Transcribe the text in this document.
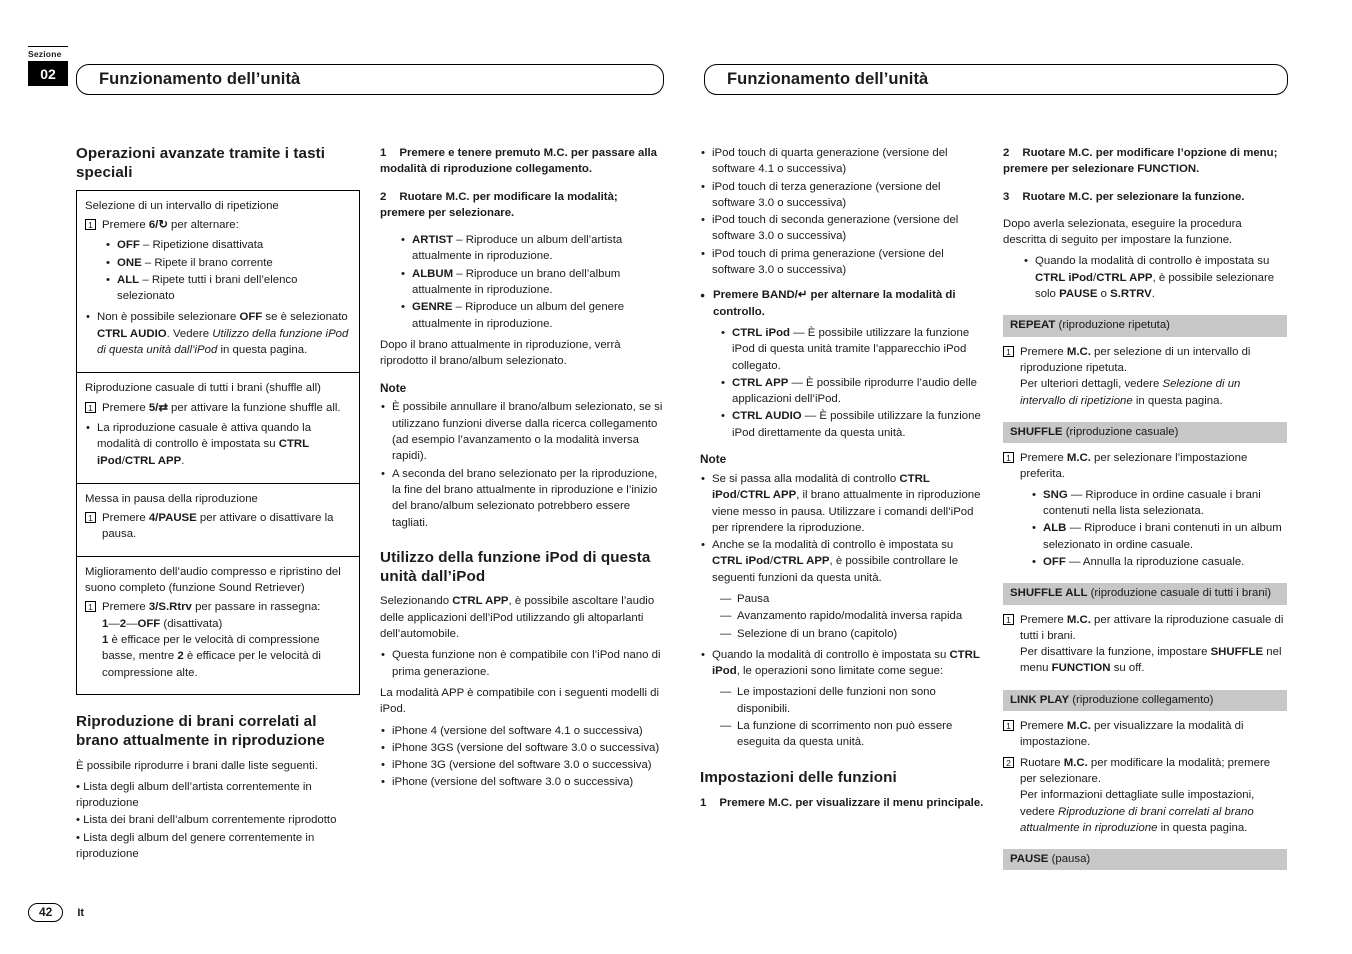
Sezione
02	Funzionamento dell’unità	Funzionamento dell’unità
Operazioni avanzate tramite i tasti speciali

Selezione di un intervallo di ripetizione

1 Premere 6/↻ per alternare:
• OFF – Ripetizione disattivata
• ONE – Ripete il brano corrente
• ALL – Ripete tutti i brani dell’elenco selezionato
• Non è possibile selezionare OFF se è selezionato CTRL AUDIO. Vedere Utilizzo della funzione iPod di questa unità dall’iPod in questa pagina.

Riproduzione casuale di tutti i brani (shuffle all)

1 Premere 5/⇄ per attivare la funzione shuffle all.
• La riproduzione casuale è attiva quando la modalità di controllo è impostata su CTRL iPod/CTRL APP.

Messa in pausa della riproduzione

1 Premere 4/PAUSE per attivare o disattivare la pausa.

Miglioramento dell’audio compresso e ripristino del suono completo (funzione Sound Retriever)

1 Premere 3/S.Rtrv per passare in rassegna:
1—2—OFF (disattivata)
1 è efficace per le velocità di compressione basse, mentre 2 è efficace per le velocità di compressione alte.
Riproduzione di brani correlati al brano attualmente in riproduzione

È possibile riprodurre i brani dalle liste seguenti.

• Lista degli album dell’artista correntemente in riproduzione
• Lista dei brani dell’album correntemente riprodotto
• Lista degli album del genere correntemente in riproduzione

1 Premere e tenere premuto M.C. per passare alla modalità di riproduzione collegamento.

2 Ruotare M.C. per modificare la modalità; premere per selezionare.

• ARTIST – Riproduce un album dell’artista attualmente in riproduzione.
• ALBUM – Riproduce un brano dell’album attualmente in riproduzione.
• GENRE – Riproduce un album del genere attualmente in riproduzione.

Dopo il brano attualmente in riproduzione, verrà riprodotto il brano/album selezionato.

Note

• È possibile annullare il brano/album selezionato, se si utilizzano funzioni diverse dalla ricerca collegamento (ad esempio l’avanzamento o la modalità inversa rapidi).
• A seconda del brano selezionato per la riproduzione, la fine del brano attualmente in riproduzione e l’inizio del brano/album selezionato potrebbero essere tagliati.
Utilizzo della funzione iPod di questa unità dall’iPod

Selezionando CTRL APP, è possibile ascoltare l’audio delle applicazioni dell’iPod utilizzando gli altoparlanti dell’automobile.

• Questa funzione non è compatibile con l’iPod nano di prima generazione.

La modalità APP è compatibile con i seguenti modelli di iPod.

• iPhone 4 (versione del software 4.1 o successiva)
• iPhone 3GS (versione del software 3.0 o successiva)
• iPhone 3G (versione del software 3.0 o successiva)
• iPhone (versione del software 3.0 o successiva)
• iPod touch di quarta generazione (versione del software 4.1 o successiva)
• iPod touch di terza generazione (versione del software 3.0 o successiva)
• iPod touch di seconda generazione (versione del software 3.0 o successiva)
• iPod touch di prima generazione (versione del software 3.0 o successiva)

● Premere BAND/↵ per alternare la modalità di controllo.

• CTRL iPod — È possibile utilizzare la funzione iPod di questa unità tramite l’apparecchio iPod collegato.
• CTRL APP — È possibile riprodurre l’audio delle applicazioni dell’iPod.
• CTRL AUDIO — È possibile utilizzare la funzione iPod direttamente da questa unità.

Note

• Se si passa alla modalità di controllo CTRL iPod/CTRL APP, il brano attualmente in riproduzione viene messo in pausa. Utilizzare i comandi dell’iPod per riprendere la riproduzione.
• Anche se la modalità di controllo è impostata su CTRL iPod/CTRL APP, è possibile controllare le seguenti funzioni da questa unità.
— Pausa
— Avanzamento rapido/modalità inversa rapida
— Selezione di un brano (capitolo)
• Quando la modalità di controllo è impostata su CTRL iPod, le operazioni sono limitate come segue:
— Le impostazioni delle funzioni non sono disponibili.
— La funzione di scorrimento non può essere eseguita da questa unità.
Impostazioni delle funzioni

1 Premere M.C. per visualizzare il menu principale.

2 Ruotare M.C. per modificare l’opzione di menu; premere per selezionare FUNCTION.

3 Ruotare M.C. per selezionare la funzione.

Dopo averla selezionata, eseguire la procedura descritta di seguito per impostare la funzione.

• Quando la modalità di controllo è impostata su CTRL iPod/CTRL APP, è possibile selezionare solo PAUSE o S.RTRV.
REPEAT (riproduzione ripetuta)
1 Premere M.C. per selezione di un intervallo di riproduzione ripetuta.
Per ulteriori dettagli, vedere Selezione di un intervallo di ripetizione in questa pagina.
SHUFFLE (riproduzione casuale)
1 Premere M.C. per selezionare l’impostazione preferita.
• SNG — Riproduce in ordine casuale i brani contenuti nella lista selezionata.
• ALB — Riproduce i brani contenuti in un album selezionato in ordine casuale.
• OFF — Annulla la riproduzione casuale.
SHUFFLE ALL (riproduzione casuale di tutti i brani)
1 Premere M.C. per attivare la riproduzione casuale di tutti i brani.
Per disattivare la funzione, impostare SHUFFLE nel menu FUNCTION su off.
LINK PLAY (riproduzione collegamento)
1 Premere M.C. per visualizzare la modalità di impostazione.
2 Ruotare M.C. per modificare la modalità; premere per selezionare.
Per informazioni dettagliate sulle impostazioni, vedere Riproduzione di brani correlati al brano attualmente in riproduzione in questa pagina.
PAUSE (pausa)
42	It
